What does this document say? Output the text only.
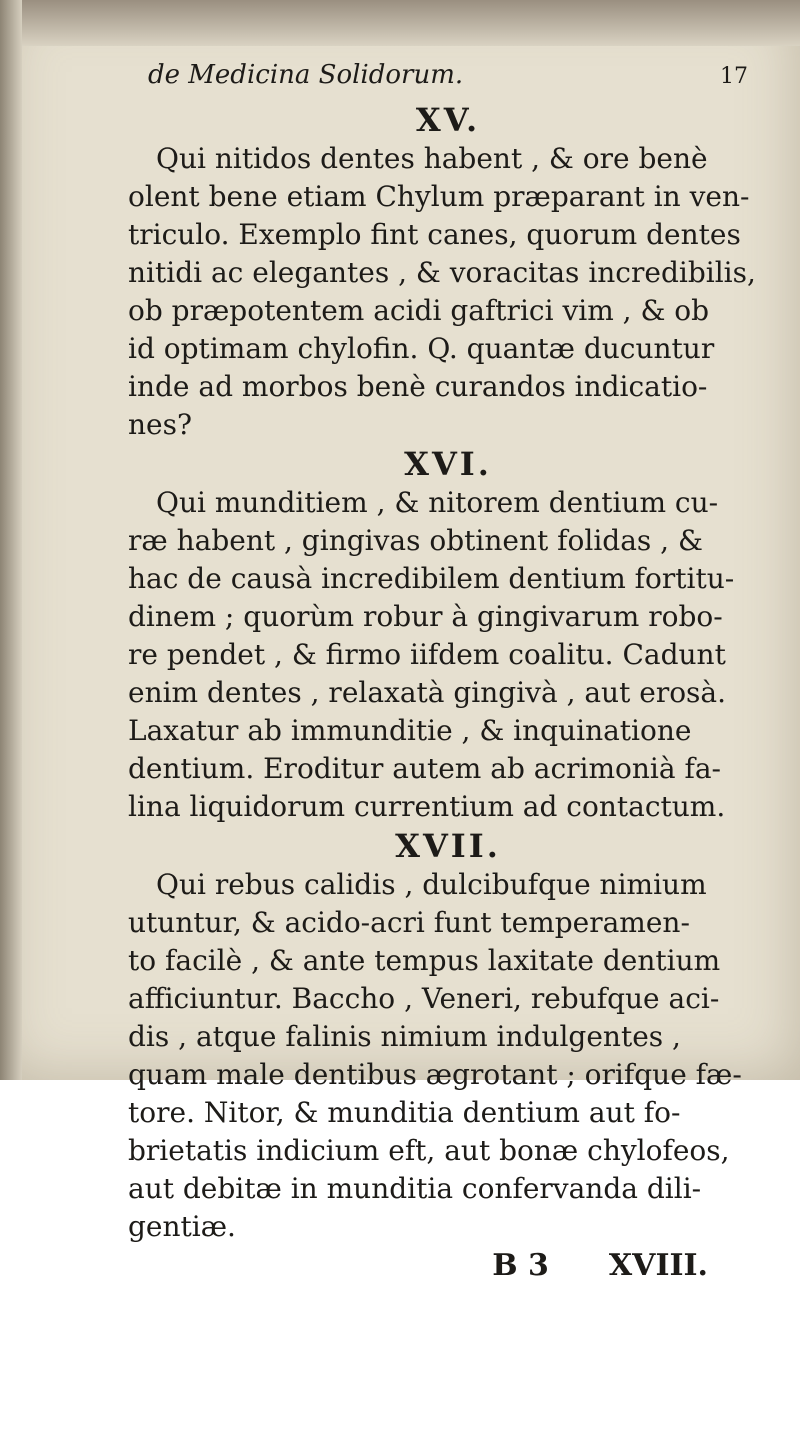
de Medicina Solidorum.	17
XV.

Qui nitidos dentes habent , & ore benè

olent bene etiam Chylum præparant in ven-

triculo. Exemplo fint canes, quorum dentes

nitidi ac elegantes , & voracitas incredibilis,

ob præpotentem acidi gaftrici vim , & ob

id optimam chylofin. Q. quantæ ducuntur

inde ad morbos benè curandos indicatio-

nes?

XVI.

Qui munditiem , & nitorem dentium cu-

ræ habent , gingivas obtinent folidas , &

hac de causà incredibilem dentium fortitu-

dinem ; quorùm robur à gingivarum robo-

re pendet , & firmo iifdem coalitu. Cadunt

enim dentes , relaxatà gingivà , aut erosà.

Laxatur ab immunditie , & inquinatione

dentium. Eroditur autem ab acrimonià fa-

lina liquidorum currentium ad contactum.

XVII.

Qui rebus calidis , dulcibufque nimium

utuntur, & acido-acri funt temperamen-

to facilè , & ante tempus laxitate dentium

afficiuntur. Baccho , Veneri, rebufque aci-

dis , atque falinis nimium indulgentes ,

quam male dentibus ægrotant ; orifque fæ-

tore. Nitor, & munditia dentium aut fo-

brietatis indicium eft, aut bonæ chylofeos,

aut debitæ in munditia confervanda dili-

gentiæ.

B 3 XVIII.
